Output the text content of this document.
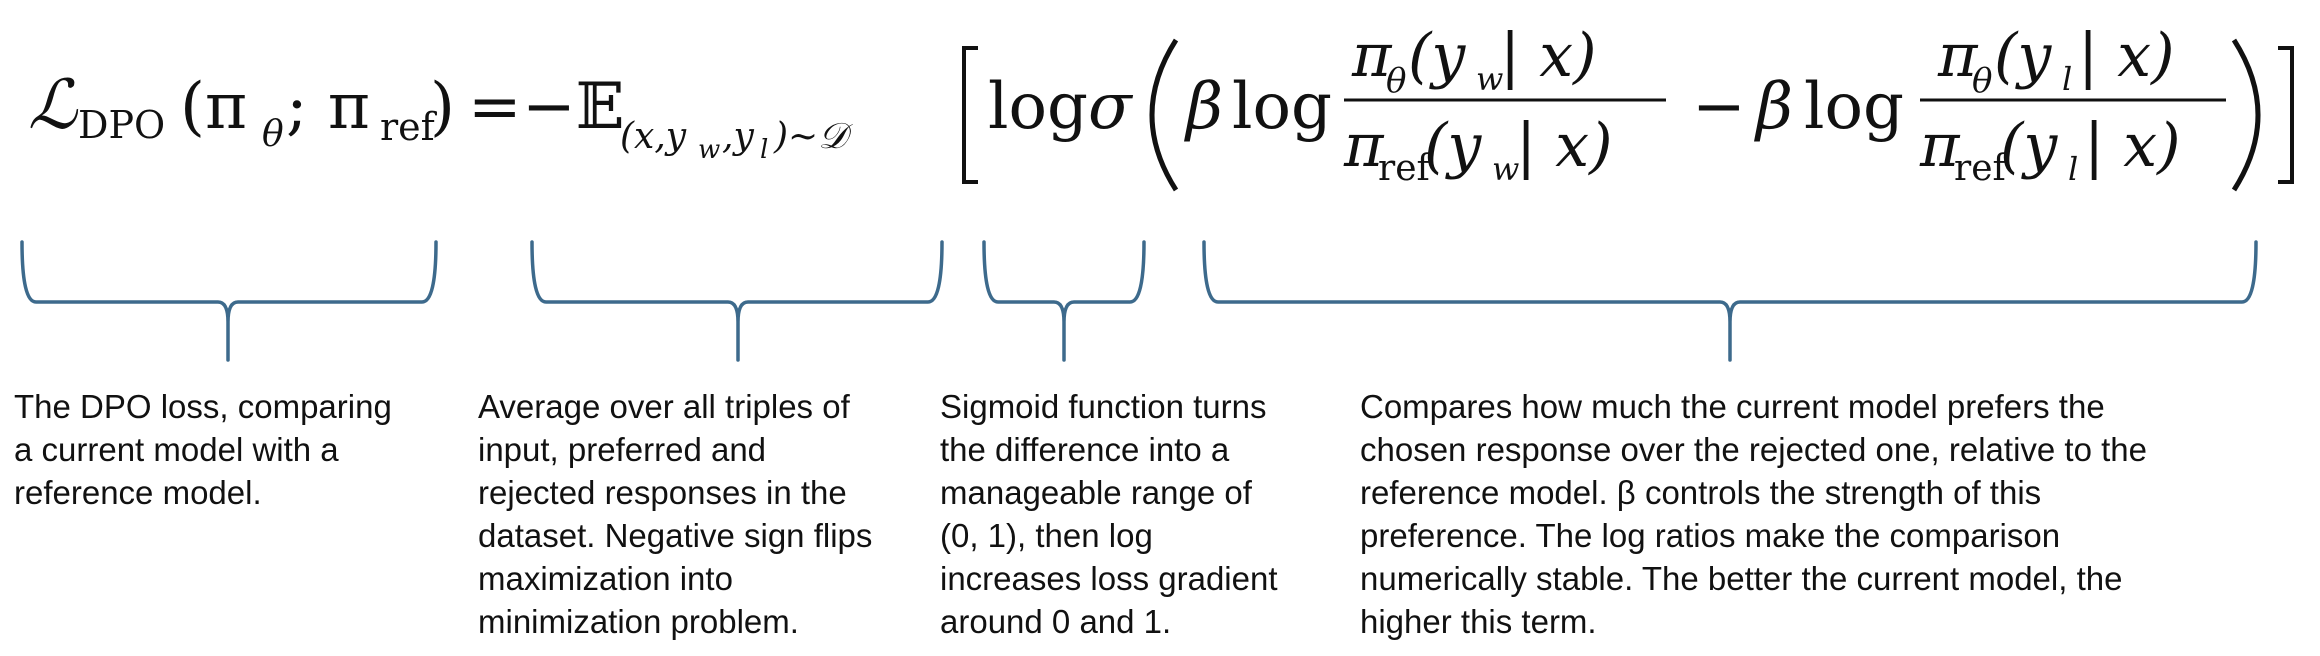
ℒ DPO (π θ ; π ref
) = −𝔼
(x,y w ,y l )∼𝒟 log σ β log
π
θ (y w
| x)
π
ref
(y w
| x)
− β log
π
θ (y l | x)
π
ref
(y l | x)

The DPO loss, comparing
a current model with a
reference model.

Average over all triples of
input, preferred and
rejected responses in the
dataset. Negative sign flips
maximization into
minimization problem.

Sigmoid function turns
the difference into a
manageable range of
(0, 1), then log
increases loss gradient
around 0 and 1.

Compares how much the current model prefers the
chosen response over the rejected one, relative to the
reference model. β controls the strength of this
preference. The log ratios make the comparison
numerically stable. The better the current model, the
higher this term.
